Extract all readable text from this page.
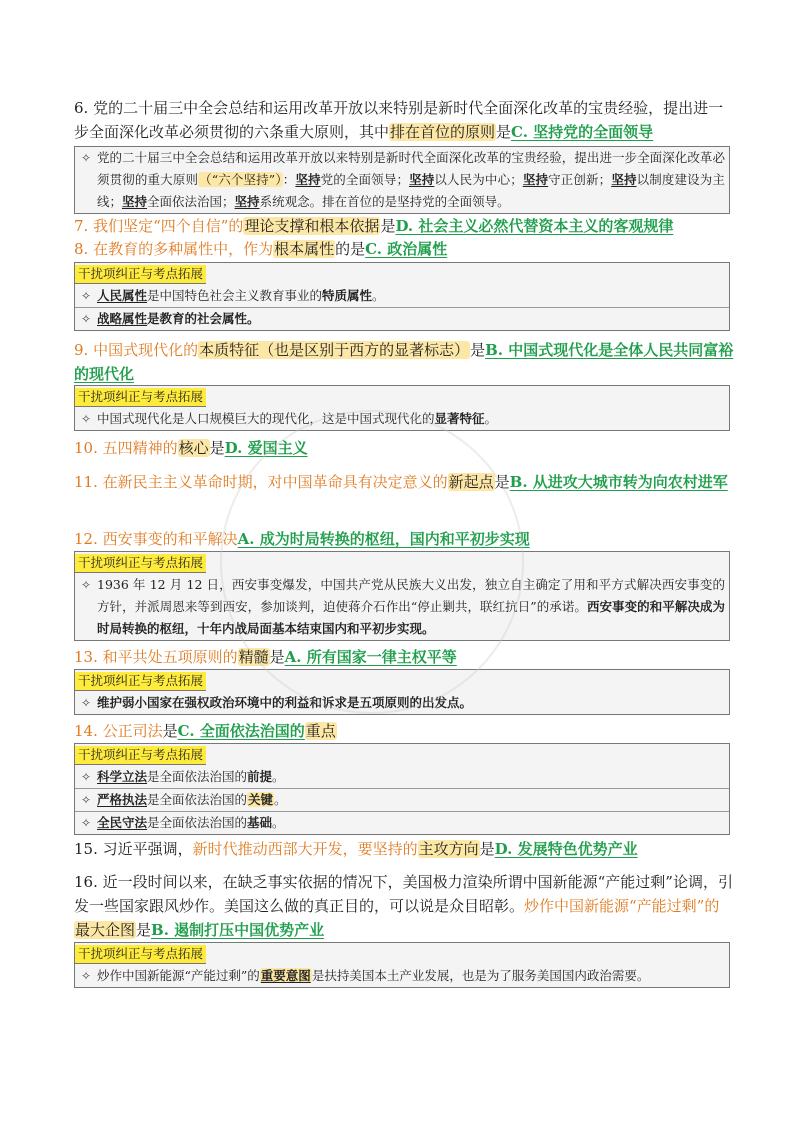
6. 党的二十届三中全会总结和运用改革开放以来特别是新时代全面深化改革的宝贵经验，提出进一步全面深化改革必须贯彻的六条重大原则，其中排在首位的原则是C. 坚持党的全面领导
✧ 党的二十届三中全会总结和运用改革开放以来特别是新时代全面深化改革的宝贵经验，提出进一步全面深化改革必须贯彻的重大原则（“六个坚持”）：坚持党的全面领导；坚持以人民为中心；坚持守正创新；坚持以制度建设为主线；坚持全面依法治国；坚持系统观念。排在首位的是坚持党的全面领导。
7. 我们坚定“四个自信”的理论支撑和根本依据是D. 社会主义必然代替资本主义的客观规律
8. 在教育的多种属性中，作为根本属性的是C. 政治属性
干扰项纠正与考点拓展
✧ 人民属性是中国特色社会主义教育事业的特质属性。
✧ 战略属性是教育的社会属性。
9. 中国式现代化的本质特征（也是区别于西方的显著标志）是B. 中国式现代化是全体人民共同富裕的现代化
干扰项纠正与考点拓展
✧ 中国式现代化是人口规模巨大的现代化，这是中国式现代化的显著特征。
10. 五四精神的核心是D. 爱国主义
11. 在新民主主义革命时期，对中国革命具有决定意义的新起点是B. 从进攻大城市转为向农村进军
12. 西安事变的和平解决A. 成为时局转换的枢纽，国内和平初步实现
干扰项纠正与考点拓展
✧ 1936 年 12 月 12 日，西安事变爆发，中国共产党从民族大义出发，独立自主确定了用和平方式解决西安事变的方针，并派周恩来等到西安，参加谈判，迫使蒋介石作出“停止剿共，联红抗日”的承诺。西安事变的和平解决成为时局转换的枢纽，十年内战局面基本结束国内和平初步实现。
13. 和平共处五项原则的精髓是A. 所有国家一律主权平等
干扰项纠正与考点拓展
✧ 维护弱小国家在强权政治环境中的利益和诉求是五项原则的出发点。
14. 公正司法是C. 全面依法治国的重点
干扰项纠正与考点拓展
✧ 科学立法是全面依法治国的前提。
✧ 严格执法是全面依法治国的关键。
✧ 全民守法是全面依法治国的基础。
15. 习近平强调，新时代推动西部大开发，要坚持的主攻方向是D. 发展特色优势产业
16. 近一段时间以来，在缺乏事实依据的情况下，美国极力渲染所谓中国新能源“产能过剩”论调，引发一些国家跟风炒作。美国这么做的真正目的，可以说是众目昭彰。炒作中国新能源“产能过剩”的最大企图是B. 遏制打压中国优势产业
干扰项纠正与考点拓展
✧ 炒作中国新能源“产能过剩”的重要意图是扶持美国本土产业发展，也是为了服务美国国内政治需要。
